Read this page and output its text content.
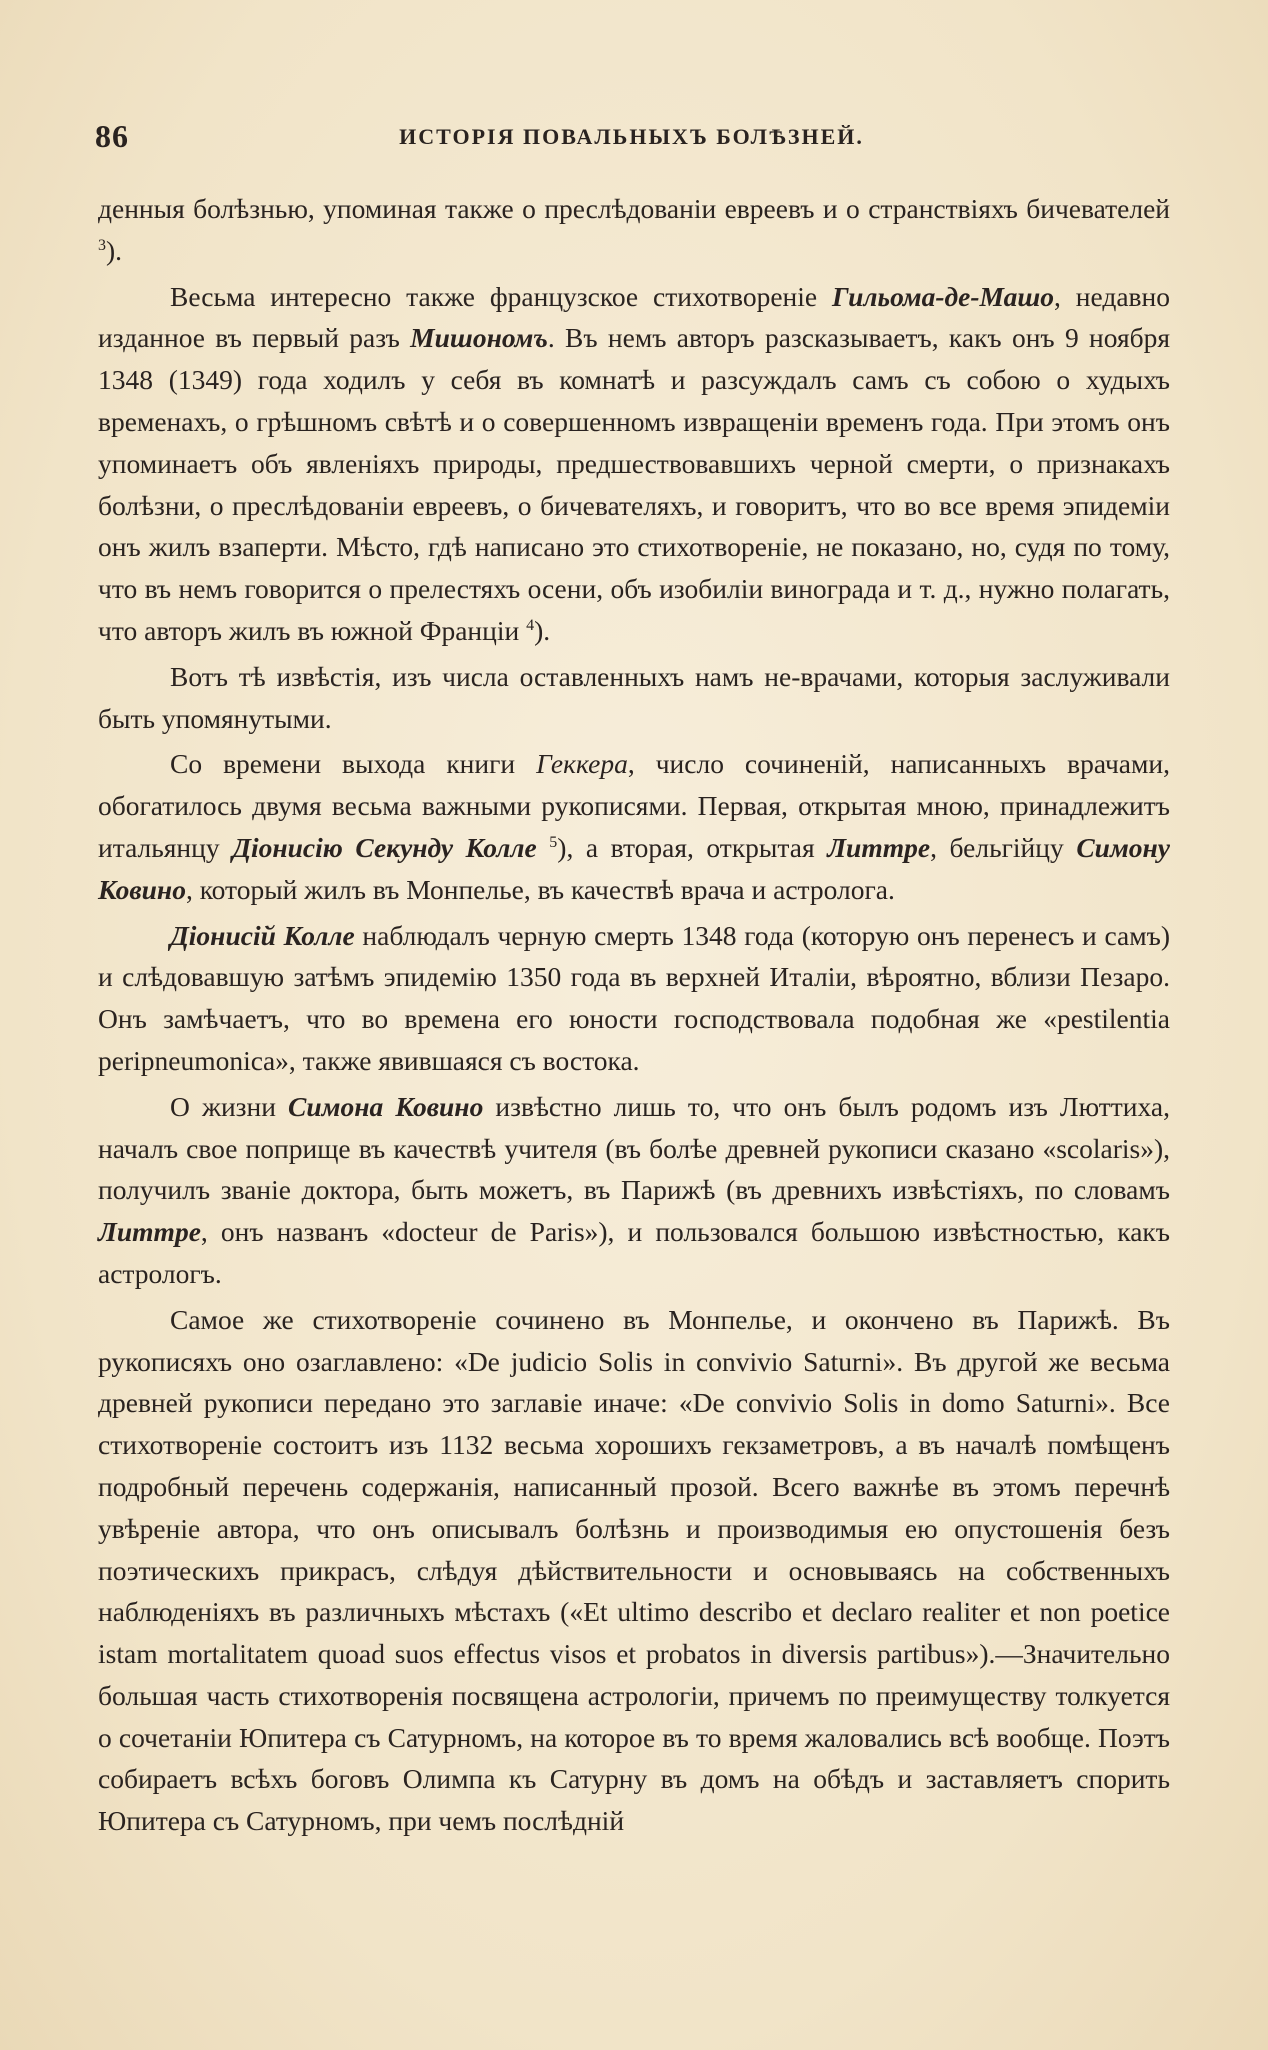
86	ИСТОРІЯ ПОВАЛЬНЫХЪ БОЛѢЗНЕЙ.

денныя болѣзнью, упоминая также о преслѣдованіи евреевъ и о странствіяхъ бичевателей $^3$).

Весьма интересно также французское стихотвореніе Гильома-де-Машо, недавно изданное въ первый разъ Мишономъ. Въ немъ авторъ разсказываетъ, какъ онъ 9 ноября 1348 (1349) года ходилъ у себя въ комнатѣ и разсуждалъ самъ съ собою о худыхъ временахъ, о грѣшномъ свѣтѣ и о совершенномъ извращеніи временъ года. При этомъ онъ упоминаетъ объ явленіяхъ природы, предшествовавшихъ черной смерти, о признакахъ болѣзни, о преслѣдованіи евреевъ, о бичевателяхъ, и говоритъ, что во все время эпидеміи онъ жилъ взаперти. Мѣсто, гдѣ написано это стихотвореніе, не показано, но, судя по тому, что въ немъ говорится о прелестяхъ осени, объ изобиліи винограда и т. д., нужно полагать, что авторъ жилъ въ южной Франціи $^4$).

Вотъ тѣ извѣстія, изъ числа оставленныхъ намъ не-врачами, которыя заслуживали быть упомянутыми.

Со времени выхода книги Геккера, число сочиненій, написанныхъ врачами, обогатилось двумя весьма важными рукописями. Первая, открытая мною, принадлежитъ итальянцу Діонисію Секунду Колле $^5$), а вторая, открытая Литтре, бельгійцу Симону Ковино, который жилъ въ Монпелье, въ качествѣ врача и астролога.

Діонисій Колле наблюдалъ черную смерть 1348 года (которую онъ перенесъ и самъ) и слѣдовавшую затѣмъ эпидемію 1350 года въ верхней Италіи, вѣроятно, вблизи Пезаро. Онъ замѣчаетъ, что во времена его юности господствовала подобная же «pestilentia peripneumonica», также явившаяся съ востока.

О жизни Симона Ковино извѣстно лишь то, что онъ былъ родомъ изъ Люттиха, началъ свое поприще въ качествѣ учителя (въ болѣе древней рукописи сказано «scolaris»), получилъ званіе доктора, быть можетъ, въ Парижѣ (въ древнихъ извѣстіяхъ, по словамъ Литтре, онъ названъ «docteur de Paris»), и пользовался большою извѣстностью, какъ астрологъ.

Самое же стихотвореніе сочинено въ Монпелье, и окончено въ Парижѣ. Въ рукописяхъ оно озаглавлено: «De judicio Solis in convivio Saturni». Въ другой же весьма древней рукописи передано это заглавіе иначе: «De convivio Solis in domo Saturni». Все стихотвореніе состоитъ изъ 1132 весьма хорошихъ гекзаметровъ, а въ началѣ помѣщенъ подробный перечень содержанія, написанный прозой. Всего важнѣе въ этомъ перечнѣ увѣреніе автора, что онъ описывалъ болѣзнь и производимыя ею опустошенія безъ поэтическихъ прикрасъ, слѣдуя дѣйствительности и основываясь на собственныхъ наблюденіяхъ въ различныхъ мѣстахъ («Et ultimo describo et declaro realiter et non poetice istam mortalitatem quoad suos effectus visos et probatos in diversis partibus»).—Значительно большая часть стихотворенія посвящена астрологіи, причемъ по преимуществу толкуется о сочетаніи Юпитера съ Сатурномъ, на которое въ то время жаловались всѣ вообще. Поэтъ собираетъ всѣхъ боговъ Олимпа къ Сатурну въ домъ на обѣдъ и заставляетъ спорить Юпитера съ Сатурномъ, при чемъ послѣдній
